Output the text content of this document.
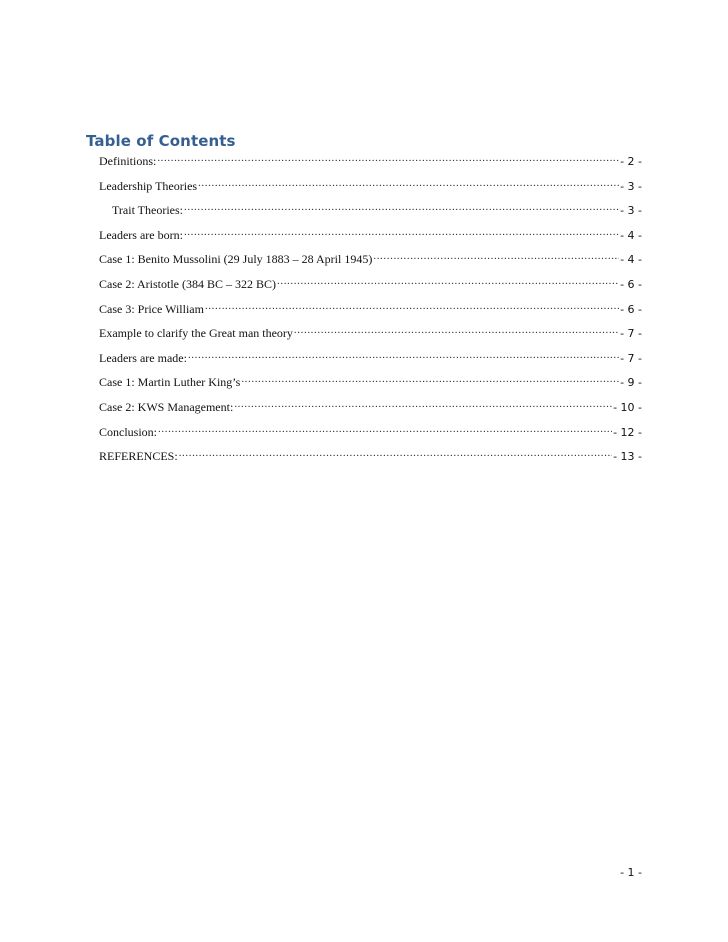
Table of Contents
Definitions: .....	- 2 -
Leadership Theories .....	- 3 -
Trait Theories: .....	- 3 -
Leaders are born: .....	- 4 -
Case 1: Benito Mussolini (29 July 1883 – 28 April 1945) .....	- 4 -
Case 2: Aristotle (384 BC – 322 BC) .....	- 6 -
Case 3: Price William .....	- 6 -
Example to clarify the Great man theory .....	- 7 -
Leaders are made: .....	- 7 -
Case 1: Martin Luther King’s .....	- 9 -
Case 2: KWS Management: .....	- 10 -
Conclusion: .....	- 12 -
REFERENCES: .....	- 13 -
- 1 -
